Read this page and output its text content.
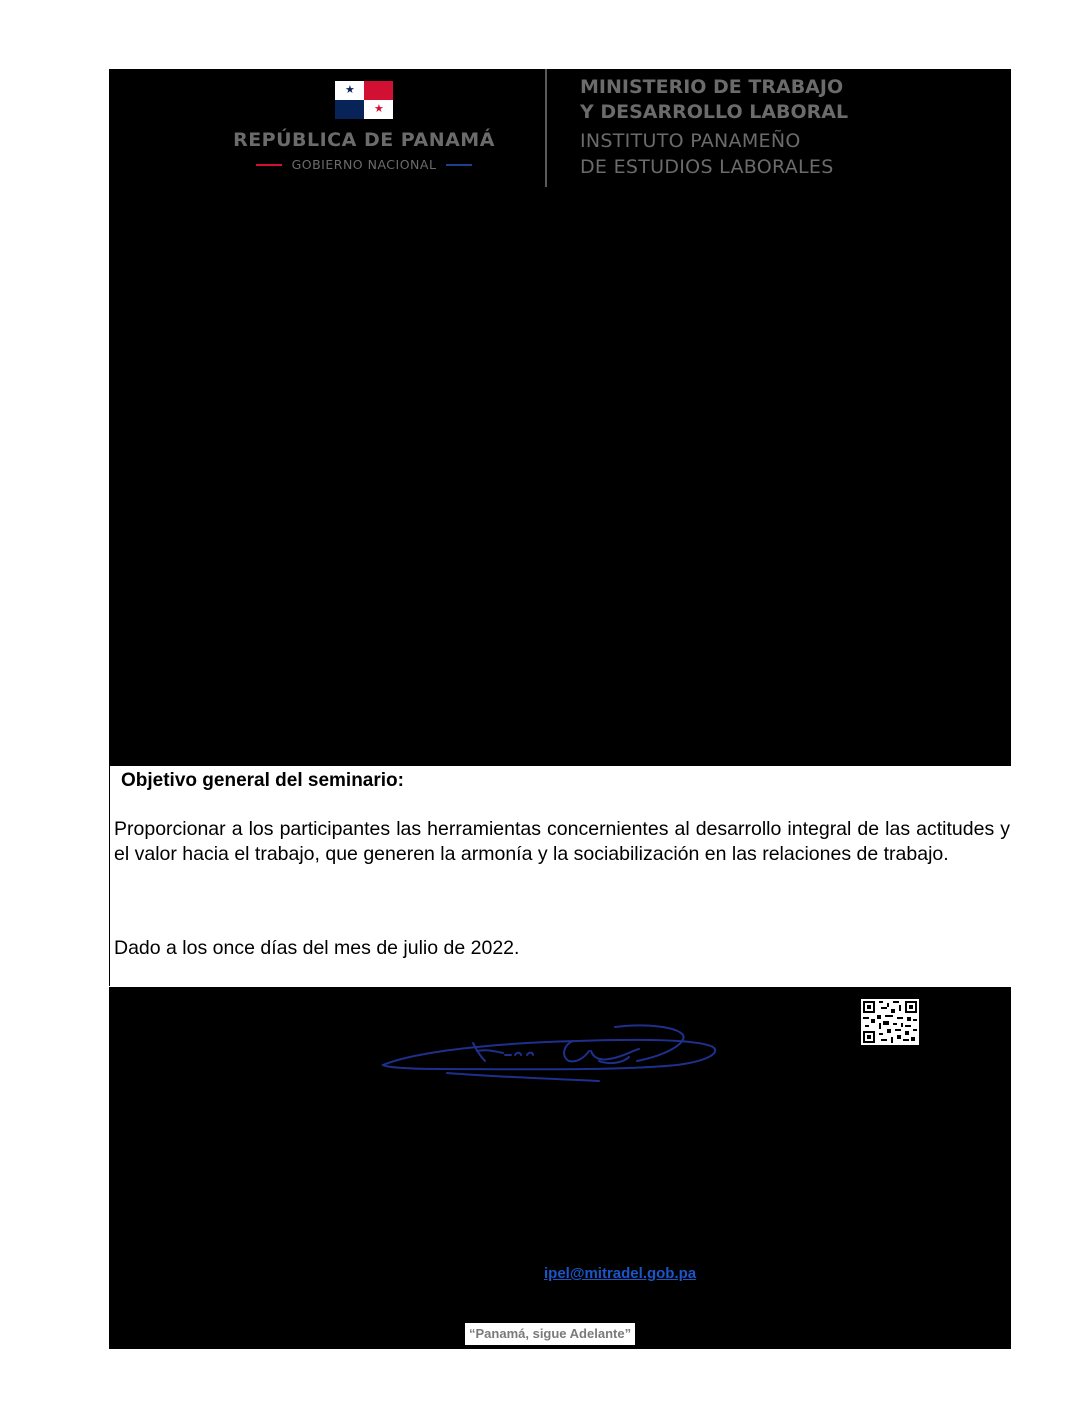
★
★
REPÚBLICA DE PANAMÁ
GOBIERNO NACIONAL
MINISTERIO DE TRABAJO
Y DESARROLLO LABORAL
INSTITUTO PANAMEÑO
DE ESTUDIOS LABORALES
Objetivo general del seminario:
Proporcionar a los participantes las herramientas concernientes al desarrollo integral de las actitudes y el valor hacia el trabajo, que generen la armonía y la sociabilización en las relaciones de trabajo.
Dado a los once días del mes de julio de 2022.
ipel@mitradel.gob.pa
“Panamá, sigue Adelante”
